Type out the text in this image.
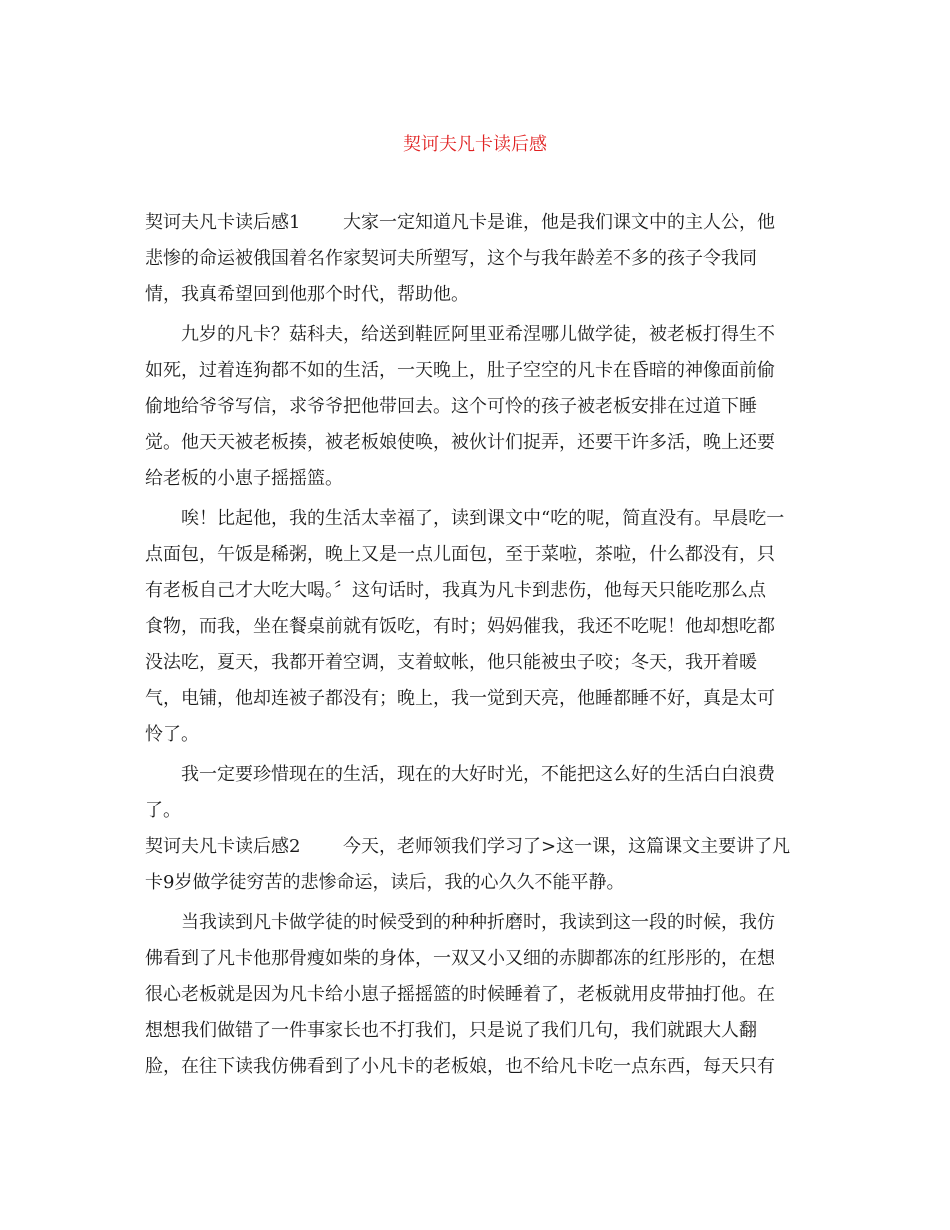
契诃夫凡卡读后感
契诃夫凡卡读后感1 大家一定知道凡卡是谁，他是我们课文中的主人公，他
悲惨的命运被俄国着名作家契诃夫所塑写，这个与我年龄差不多的孩子令我同
情，我真希望回到他那个时代，帮助他。
九岁的凡卡？菇科夫，给送到鞋匠阿里亚希涅哪儿做学徒，被老板打得生不
如死，过着连狗都不如的生活，一天晚上，肚子空空的凡卡在昏暗的神像面前偷
偷地给爷爷写信，求爷爷把他带回去。这个可怜的孩子被老板安排在过道下睡
觉。他天天被老板揍，被老板娘使唤，被伙计们捉弄，还要干许多活，晚上还要
给老板的小崽子摇摇篮。
唉！比起他，我的生活太幸福了，读到课文中“吃的呢，简直没有。早晨吃一
点面包，午饭是稀粥，晚上又是一点儿面包，至于菜啦，茶啦，什么都没有，只
有老板自己才大吃大喝。〞这句话时，我真为凡卡到悲伤，他每天只能吃那么点
食物，而我，坐在餐桌前就有饭吃，有时；妈妈催我，我还不吃呢！他却想吃都
没法吃，夏天，我都开着空调，支着蚊帐，他只能被虫子咬；冬天，我开着暖
气，电铺，他却连被子都没有；晚上，我一觉到天亮，他睡都睡不好，真是太可
怜了。
我一定要珍惜现在的生活，现在的大好时光，不能把这么好的生活白白浪费
了。
契诃夫凡卡读后感2 今天，老师领我们学习了>这一课，这篇课文主要讲了凡
卡9岁做学徒穷苦的悲惨命运，读后，我的心久久不能平静。
当我读到凡卡做学徒的时候受到的种种折磨时，我读到这一段的时候，我仿
佛看到了凡卡他那骨瘦如柴的身体，一双又小又细的赤脚都冻的红彤彤的，在想
很心老板就是因为凡卡给小崽子摇摇篮的时候睡着了，老板就用皮带抽打他。在
想想我们做错了一件事家长也不打我们，只是说了我们几句，我们就跟大人翻
脸，在往下读我仿佛看到了小凡卡的老板娘，也不给凡卡吃一点东西，每天只有
